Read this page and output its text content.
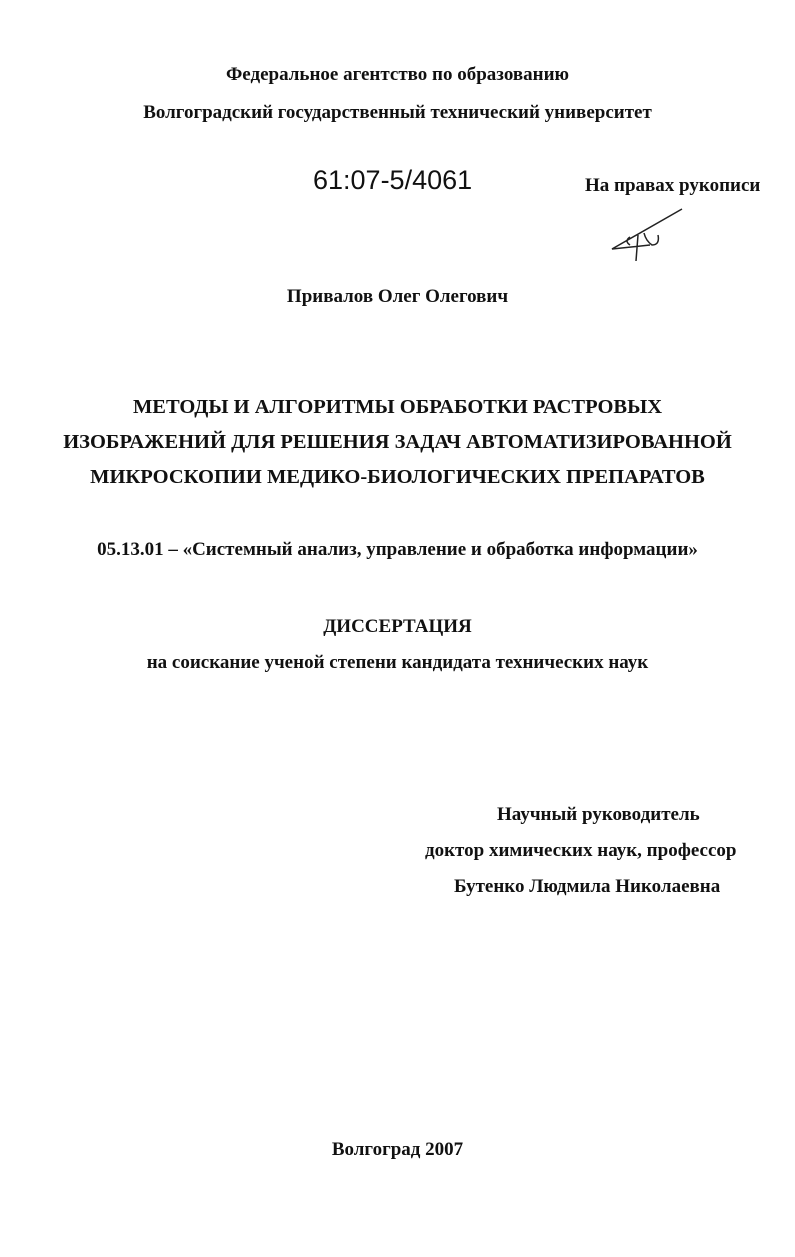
Федеральное агентство по образованию
Волгоградский государственный технический университет
61:07-5/4061	На правах рукописи
Привалов Олег Олегович
МЕТОДЫ И АЛГОРИТМЫ ОБРАБОТКИ РАСТРОВЫХ
ИЗОБРАЖЕНИЙ ДЛЯ РЕШЕНИЯ ЗАДАЧ АВТОМАТИЗИРОВАННОЙ
МИКРОСКОПИИ МЕДИКО-БИОЛОГИЧЕСКИХ ПРЕПАРАТОВ
05.13.01 – «Системный анализ, управление и обработка информации»
ДИССЕРТАЦИЯ
на соискание ученой степени кандидата технических наук
Научный руководитель
доктор химических наук, профессор
Бутенко Людмила Николаевна
Волгоград 2007
